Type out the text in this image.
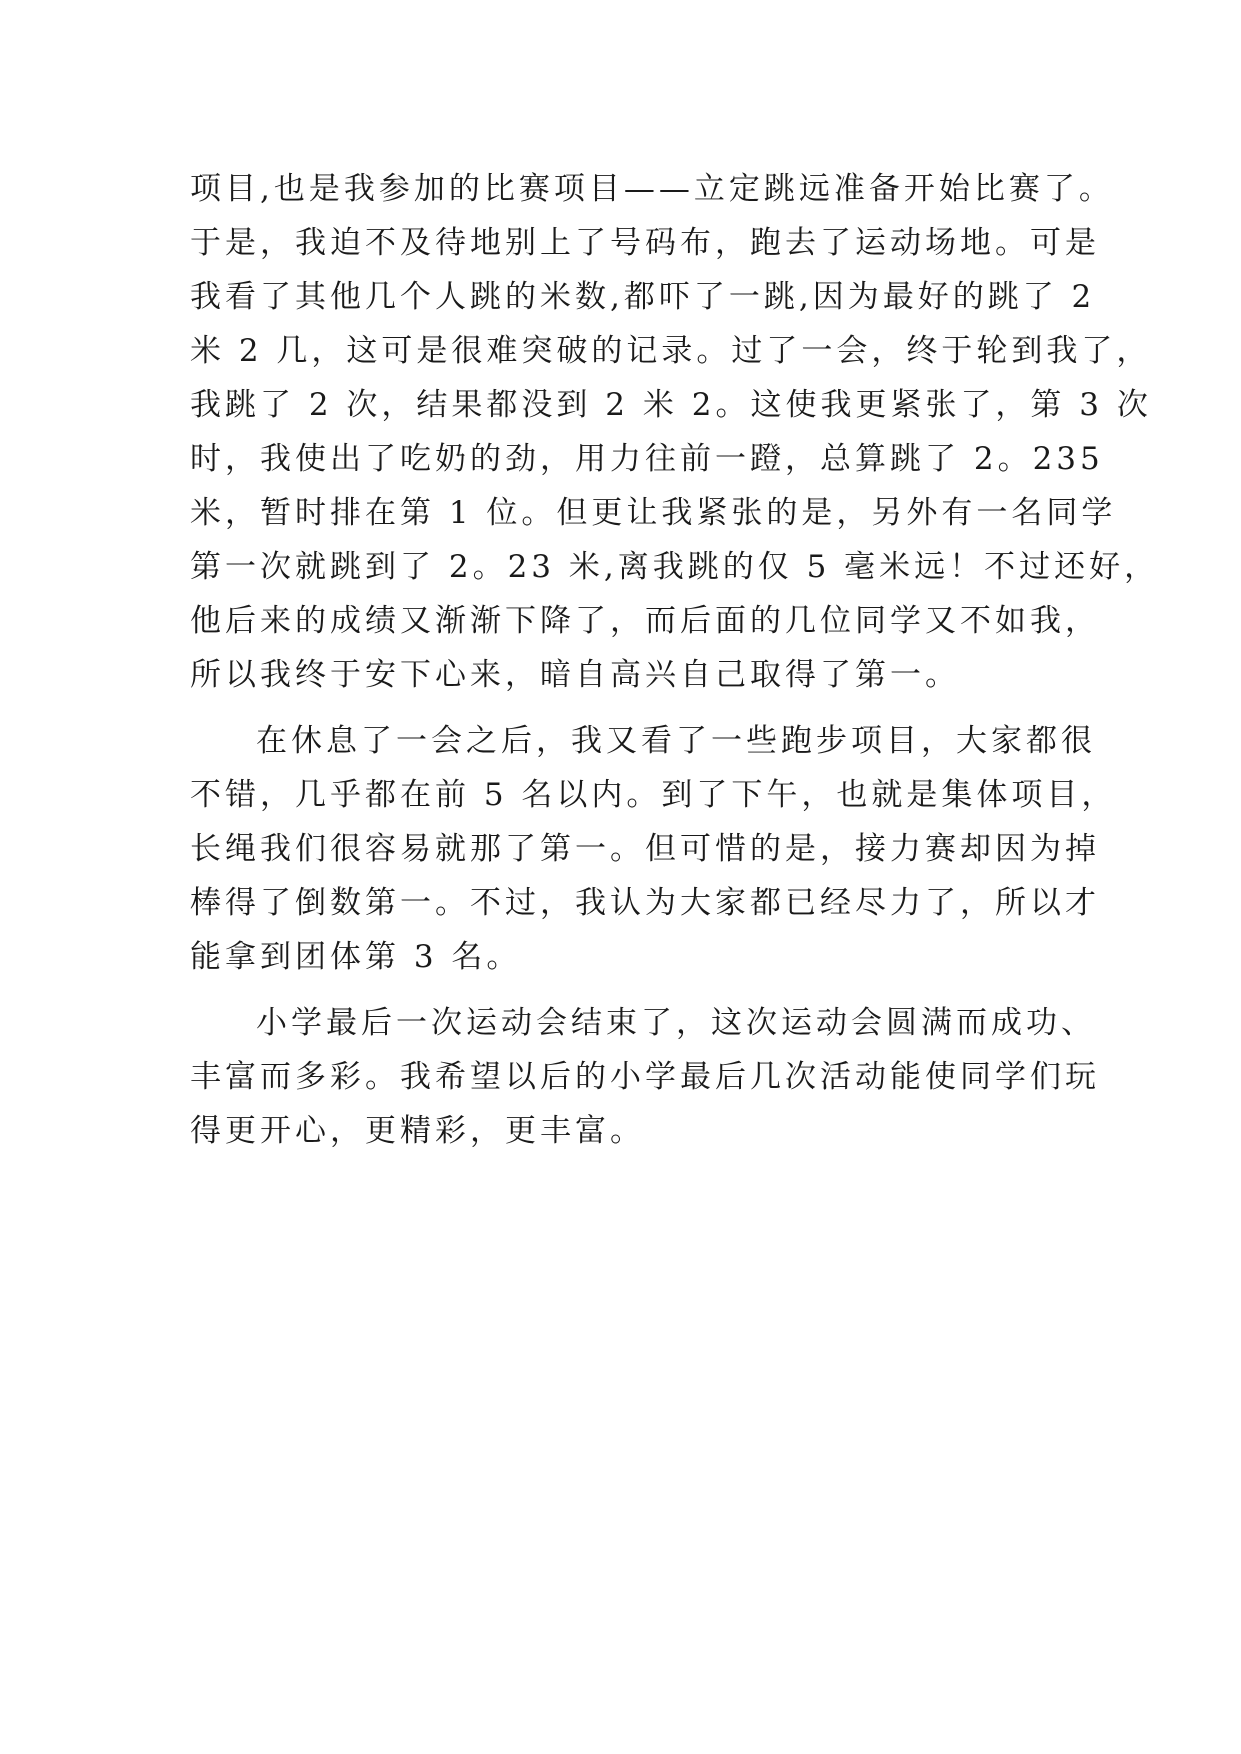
项目,也是我参加的比赛项目——立定跳远准备开始比赛了。
于是，我迫不及待地别上了号码布，跑去了运动场地。可是
我看了其他几个人跳的米数,都吓了一跳,因为最好的跳了 2
米 2 几，这可是很难突破的记录。过了一会，终于轮到我了，
我跳了 2 次，结果都没到 2 米 2。这使我更紧张了，第 3 次
时，我使出了吃奶的劲，用力往前一蹬，总算跳了 2。235
米，暂时排在第 1 位。但更让我紧张的是，另外有一名同学
第一次就跳到了 2。23 米,离我跳的仅 5 毫米远！不过还好，
他后来的成绩又渐渐下降了，而后面的几位同学又不如我，
所以我终于安下心来，暗自高兴自己取得了第一。
在休息了一会之后，我又看了一些跑步项目，大家都很
不错，几乎都在前 5 名以内。到了下午，也就是集体项目，
长绳我们很容易就那了第一。但可惜的是，接力赛却因为掉
棒得了倒数第一。不过，我认为大家都已经尽力了，所以才
能拿到团体第 3 名。
小学最后一次运动会结束了，这次运动会圆满而成功、
丰富而多彩。我希望以后的小学最后几次活动能使同学们玩
得更开心，更精彩，更丰富。
